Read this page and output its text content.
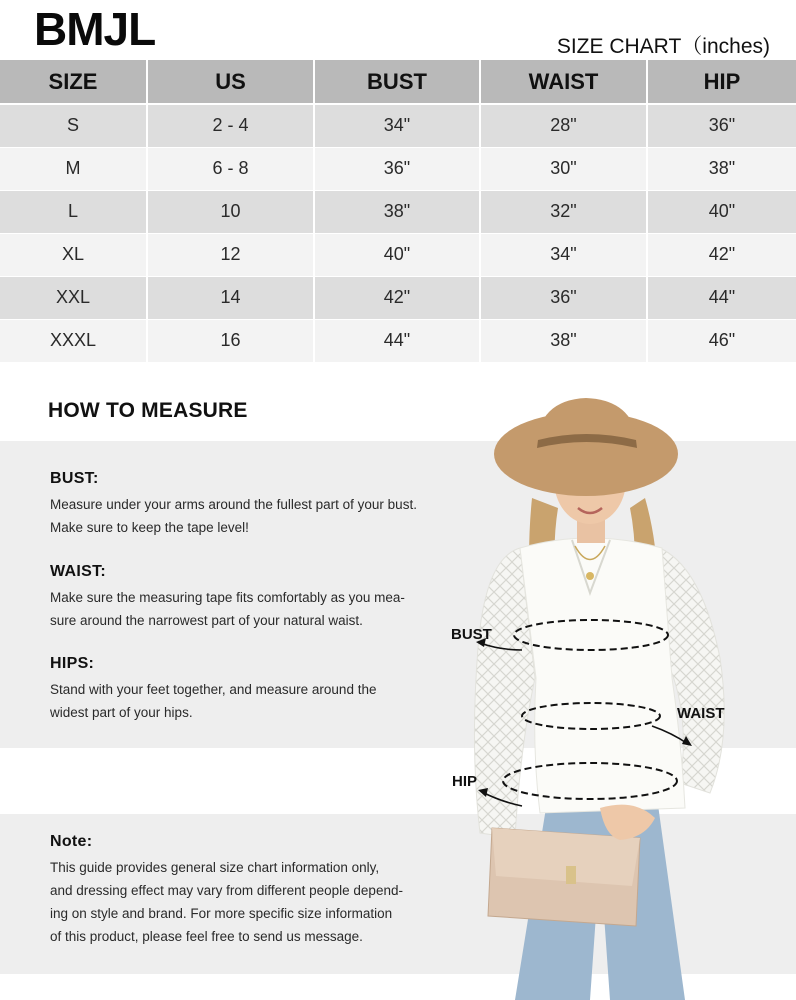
BMJL	SIZE CHART（inches)
SIZE	US	BUST	WAIST	HIP
S	2 - 4	34"	28"	36"
M	6 - 8	36"	30"	38"
L	10	38"	32"	40"
XL	12	40"	34"	42"
XXL	14	42"	36"	44"
XXXL	16	44"	38"	46"
HOW TO MEASURE
BUST:

Measure under your arms around the fullest part of your bust.

Make sure to keep the tape level!

WAIST:

Make sure the measuring tape fits comfortably as you mea-

sure around the narrowest part of your natural waist.

HIPS:

Stand with your feet together, and measure around the

widest part of your hips.

Note:

This guide provides general size chart information only,

and dressing effect may vary from different people depend-

ing on style and brand. For more specific size information

of this product, please feel free to send us message.

BUST
WAIST
HIP
